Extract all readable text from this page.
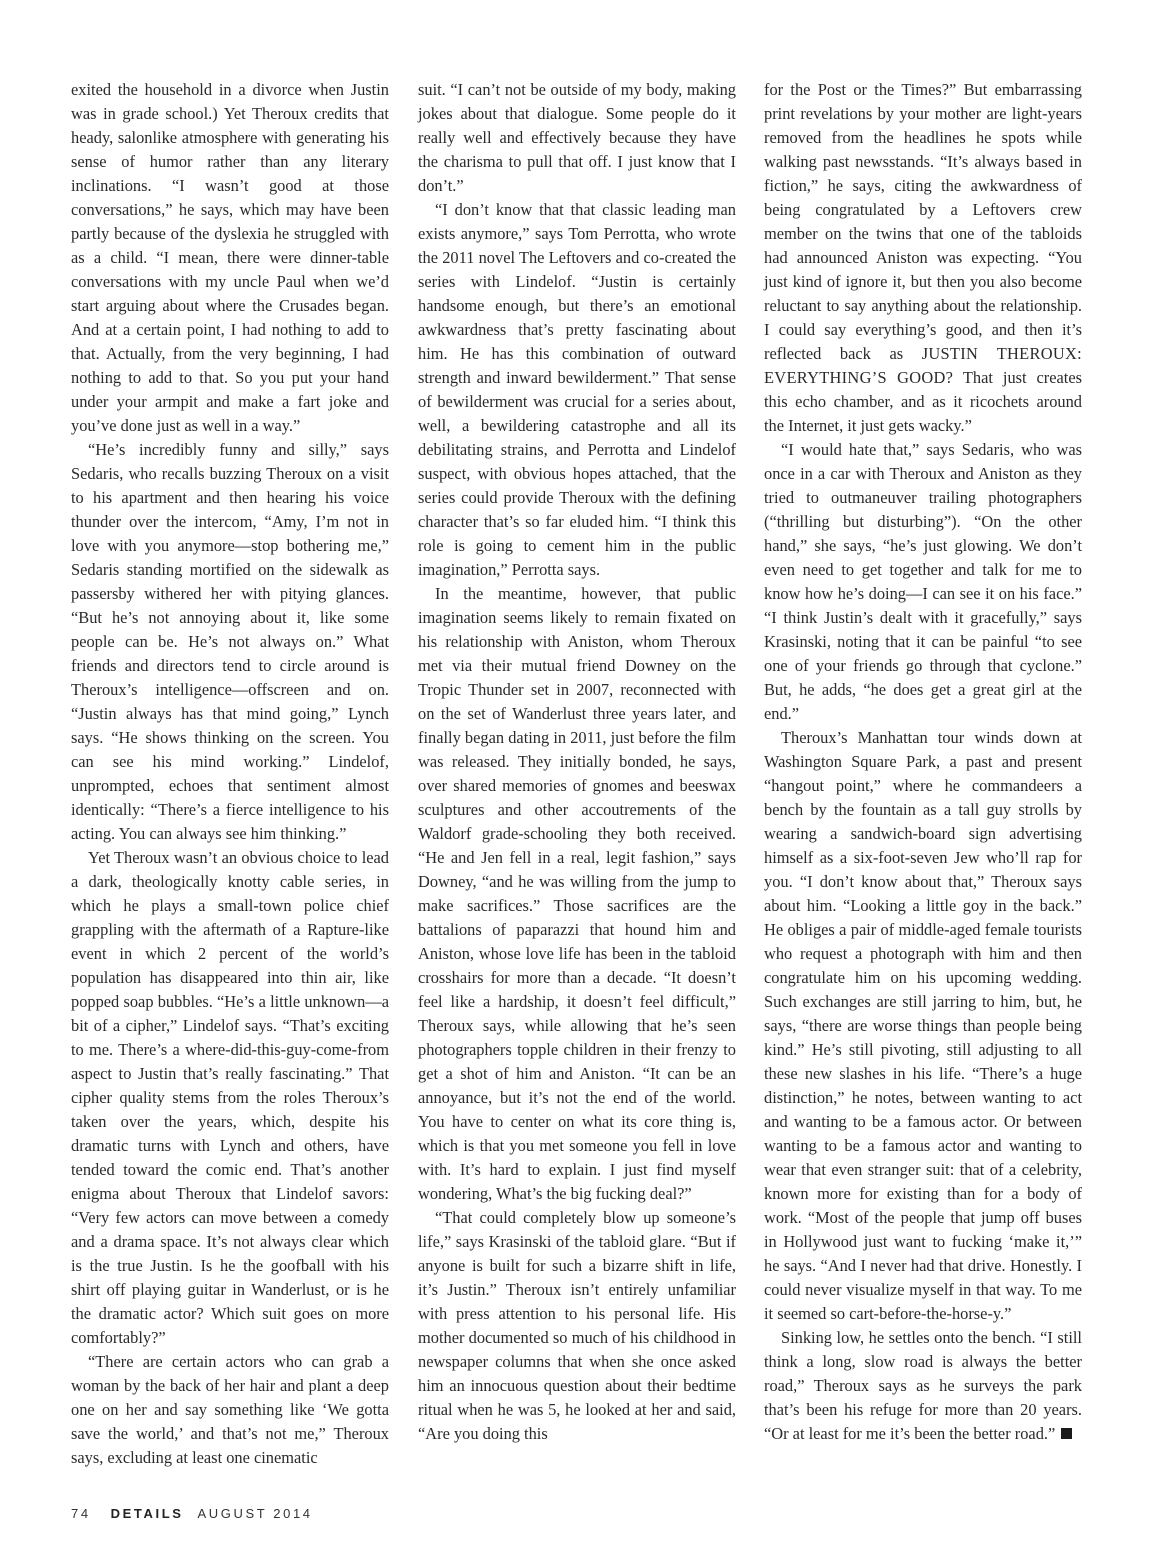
exited the household in a divorce when Justin was in grade school.) Yet Theroux credits that heady, salonlike atmosphere with generating his sense of humor rather than any literary inclinations. “I wasn’t good at those conversations,” he says, which may have been partly because of the dyslexia he struggled with as a child. “I mean, there were dinner-table conversations with my uncle Paul when we’d start arguing about where the Crusades began. And at a certain point, I had nothing to add to that. Actually, from the very beginning, I had nothing to add to that. So you put your hand under your armpit and make a fart joke and you’ve done just as well in a way.”

“He’s incredibly funny and silly,” says Sedaris, who recalls buzzing Theroux on a visit to his apartment and then hearing his voice thunder over the intercom, “Amy, I’m not in love with you anymore—stop bothering me,” Sedaris standing mortified on the sidewalk as passersby withered her with pitying glances. “But he’s not annoying about it, like some people can be. He’s not always on.” What friends and directors tend to circle around is Theroux’s intelligence—offscreen and on. “Justin always has that mind going,” Lynch says. “He shows thinking on the screen. You can see his mind working.” Lindelof, unprompted, echoes that sentiment almost identically: “There’s a fierce intelligence to his acting. You can always see him thinking.”

Yet Theroux wasn’t an obvious choice to lead a dark, theologically knotty cable series, in which he plays a small-town police chief grappling with the aftermath of a Rapture-like event in which 2 percent of the world’s population has disappeared into thin air, like popped soap bubbles. “He’s a little unknown—a bit of a cipher,” Lindelof says. “That’s exciting to me. There’s a where-did-this-guy-come-from aspect to Justin that’s really fascinating.” That cipher quality stems from the roles Theroux’s taken over the years, which, despite his dramatic turns with Lynch and others, have tended toward the comic end. That’s another enigma about Theroux that Lindelof savors: “Very few actors can move between a comedy and a drama space. It’s not always clear which is the true Justin. Is he the goofball with his shirt off playing guitar in Wanderlust, or is he the dramatic actor? Which suit goes on more comfortably?”

“There are certain actors who can grab a woman by the back of her hair and plant a deep one on her and say something like ‘We gotta save the world,’ and that’s not me,” Theroux says, excluding at least one cinematic

suit. “I can’t not be outside of my body, making jokes about that dialogue. Some people do it really well and effectively because they have the charisma to pull that off. I just know that I don’t.”

“I don’t know that that classic leading man exists anymore,” says Tom Perrotta, who wrote the 2011 novel The Leftovers and co-created the series with Lindelof. “Justin is certainly handsome enough, but there’s an emotional awkwardness that’s pretty fascinating about him. He has this combination of outward strength and inward bewilderment.” That sense of bewilderment was crucial for a series about, well, a bewildering catastrophe and all its debilitating strains, and Perrotta and Lindelof suspect, with obvious hopes attached, that the series could provide Theroux with the defining character that’s so far eluded him. “I think this role is going to cement him in the public imagination,” Perrotta says.

In the meantime, however, that public imagination seems likely to remain fixated on his relationship with Aniston, whom Theroux met via their mutual friend Downey on the Tropic Thunder set in 2007, reconnected with on the set of Wanderlust three years later, and finally began dating in 2011, just before the film was released. They initially bonded, he says, over shared memories of gnomes and beeswax sculptures and other accoutrements of the Waldorf grade-schooling they both received. “He and Jen fell in a real, legit fashion,” says Downey, “and he was willing from the jump to make sacrifices.” Those sacrifices are the battalions of paparazzi that hound him and Aniston, whose love life has been in the tabloid crosshairs for more than a decade. “It doesn’t feel like a hardship, it doesn’t feel difficult,” Theroux says, while allowing that he’s seen photographers topple children in their frenzy to get a shot of him and Aniston. “It can be an annoyance, but it’s not the end of the world. You have to center on what its core thing is, which is that you met someone you fell in love with. It’s hard to explain. I just find myself wondering, What’s the big fucking deal?”

“That could completely blow up someone’s life,” says Krasinski of the tabloid glare. “But if anyone is built for such a bizarre shift in life, it’s Justin.” Theroux isn’t entirely unfamiliar with press attention to his personal life. His mother documented so much of his childhood in newspaper columns that when she once asked him an innocuous question about their bedtime ritual when he was 5, he looked at her and said, “Are you doing this

for the Post or the Times?” But embarrassing print revelations by your mother are light-years removed from the headlines he spots while walking past newsstands. “It’s always based in fiction,” he says, citing the awkwardness of being congratulated by a Leftovers crew member on the twins that one of the tabloids had announced Aniston was expecting. “You just kind of ignore it, but then you also become reluctant to say anything about the relationship. I could say everything’s good, and then it’s reflected back as JUSTIN THEROUX: EVERYTHING’S GOOD? That just creates this echo chamber, and as it ricochets around the Internet, it just gets wacky.”

“I would hate that,” says Sedaris, who was once in a car with Theroux and Aniston as they tried to outmaneuver trailing photographers (“thrilling but disturbing”). “On the other hand,” she says, “he’s just glowing. We don’t even need to get together and talk for me to know how he’s doing—I can see it on his face.” “I think Justin’s dealt with it gracefully,” says Krasinski, noting that it can be painful “to see one of your friends go through that cyclone.” But, he adds, “he does get a great girl at the end.”

Theroux’s Manhattan tour winds down at Washington Square Park, a past and present “hangout point,” where he commandeers a bench by the fountain as a tall guy strolls by wearing a sandwich-board sign advertising himself as a six-foot-seven Jew who’ll rap for you. “I don’t know about that,” Theroux says about him. “Looking a little goy in the back.” He obliges a pair of middle-aged female tourists who request a photograph with him and then congratulate him on his upcoming wedding. Such exchanges are still jarring to him, but, he says, “there are worse things than people being kind.” He’s still pivoting, still adjusting to all these new slashes in his life. “There’s a huge distinction,” he notes, between wanting to act and wanting to be a famous actor. Or between wanting to be a famous actor and wanting to wear that even stranger suit: that of a celebrity, known more for existing than for a body of work. “Most of the people that jump off buses in Hollywood just want to fucking ‘make it,’” he says. “And I never had that drive. Honestly. I could never visualize myself in that way. To me it seemed so cart-before-the-horse-y.”

Sinking low, he settles onto the bench. “I still think a long, slow road is always the better road,” Theroux says as he surveys the park that’s been his refuge for more than 20 years. “Or at least for me it’s been the better road.”

74 DETAILS AUGUST 2014
